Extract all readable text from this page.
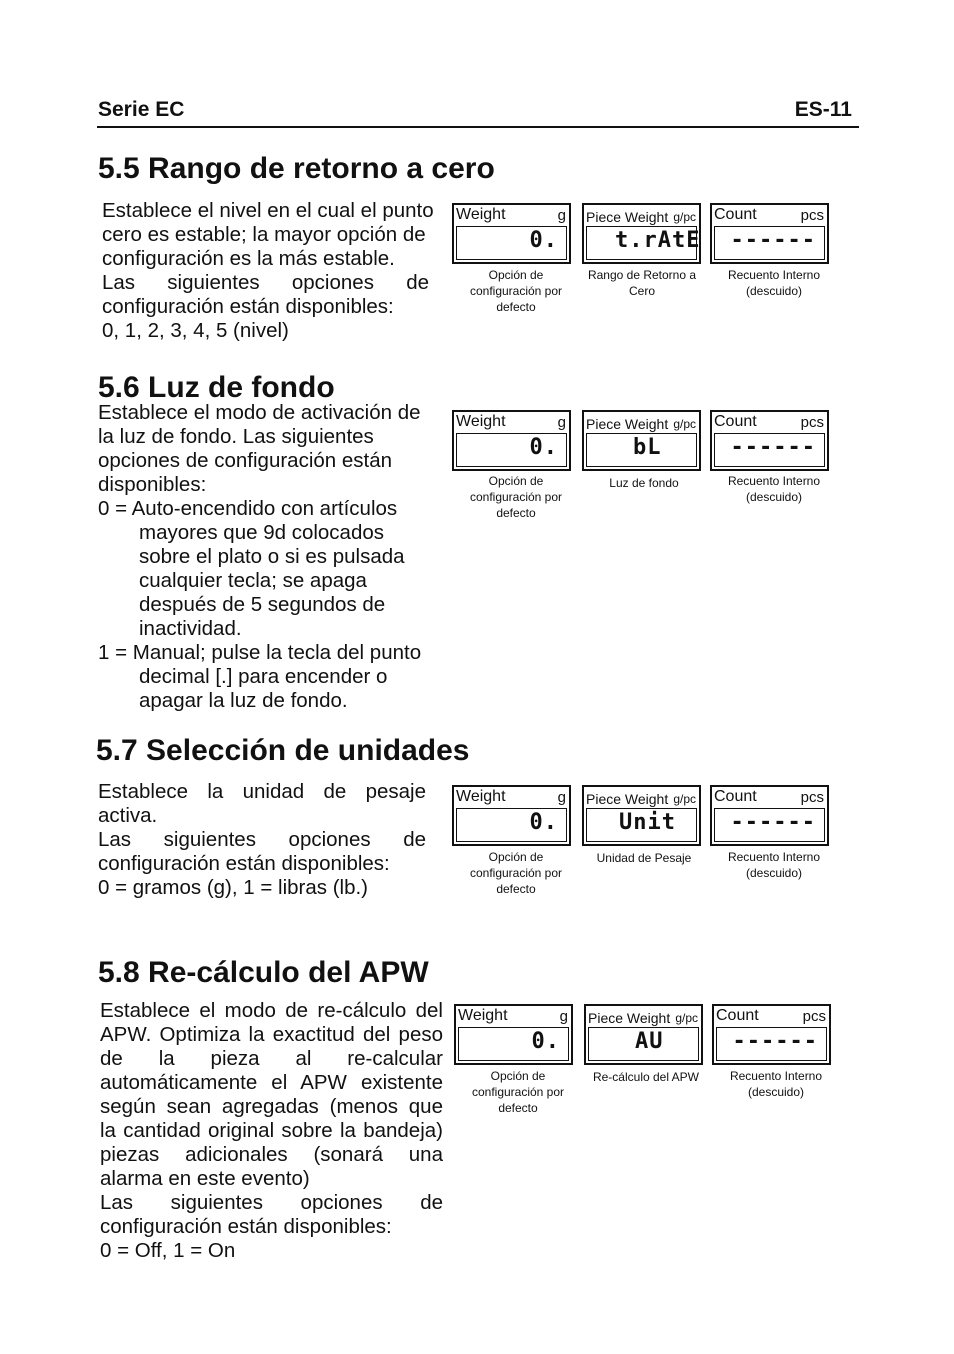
Serie EC	ES-11
5.5 Rango de retorno a cero
Establece el nivel en el cual el punto
cero es estable; la mayor opción de
configuración es la más estable.
Las siguientes opciones de
configuración están disponibles:
0, 1, 2, 3, 4, 5 (nivel)
Weight	g
0.
Opción de configuración por defecto
Piece Weight g/pc
t.rAtE
Rango de Retorno a Cero
Count	pcs
------
Recuento Interno (descuido)
5.6 Luz de fondo
Establece el modo de activación de
la luz de fondo. Las siguientes
opciones de configuración están
disponibles:
0 = Auto-encendido con artículos
mayores que 9d colocados
sobre el plato o si es pulsada
cualquier tecla; se apaga
después de 5 segundos de
inactividad.
1 = Manual; pulse la tecla del punto
decimal [.] para encender o
apagar la luz de fondo.
Weight	g
0.
Opción de configuración por defecto
Piece Weight g/pc
bL
Luz de fondo
Count	pcs
------
Recuento Interno (descuido)
5.7 Selección de unidades
Establece la unidad de pesaje
activa.
Las siguientes opciones de
configuración están disponibles:
0 = gramos (g), 1 = libras (lb.)
Weight	g
0.
Opción de configuración por defecto
Piece Weight g/pc
Unit
Unidad de Pesaje
Count	pcs
------
Recuento Interno (descuido)
5.8 Re-cálculo del APW
Establece el modo de re-cálculo del
APW. Optimiza la exactitud del peso
de la pieza al re-calcular
automáticamente el APW existente
según sean agregadas (menos que
la cantidad original sobre la bandeja)
piezas adicionales (sonará una
alarma en este evento)
Las siguientes opciones de
configuración están disponibles:
0 = Off, 1 = On
Weight	g
0.
Opción de configuración por defecto
Piece Weight g/pc
AU
Re-cálculo del APW
Count	pcs
------
Recuento Interno (descuido)
